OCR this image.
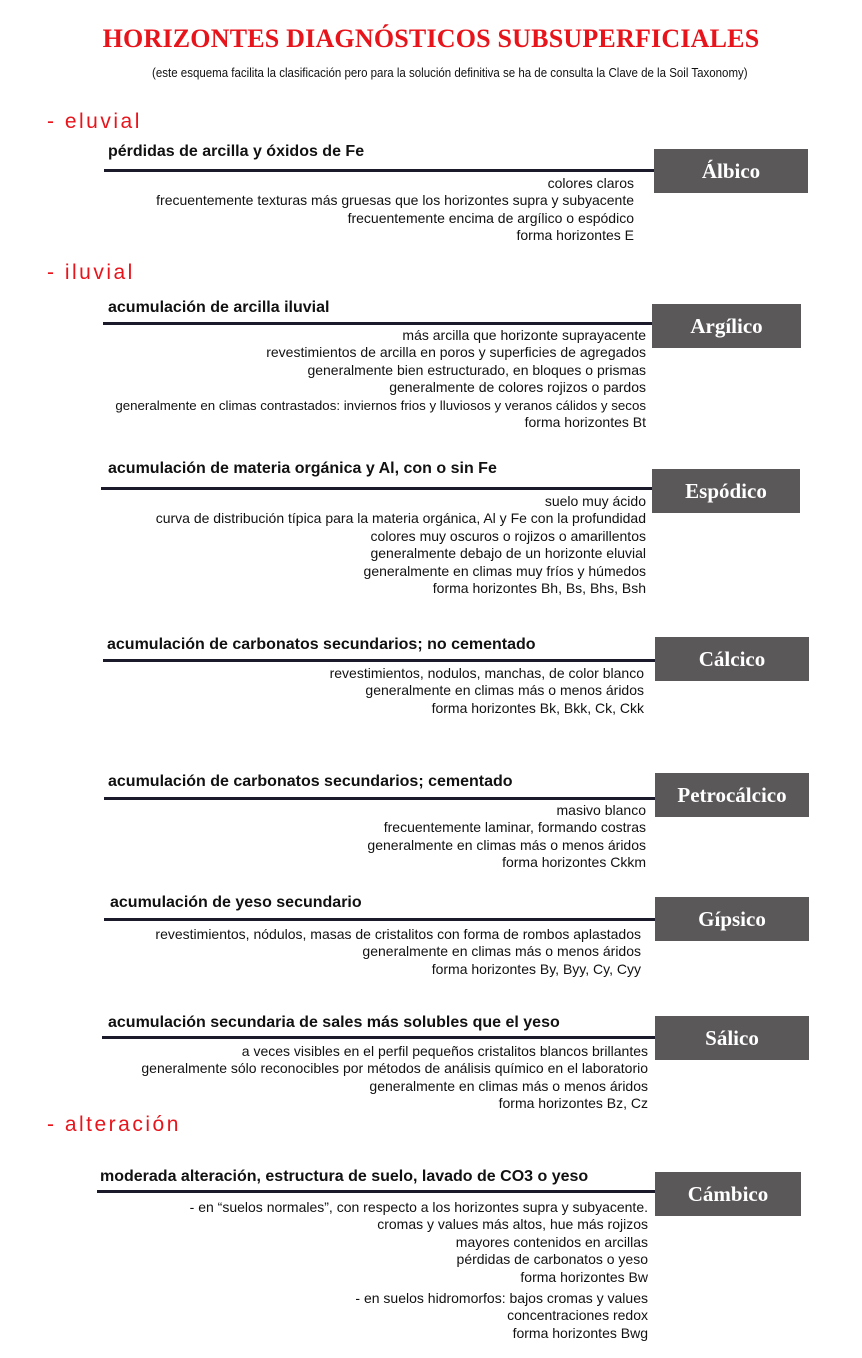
HORIZONTES DIAGNÓSTICOS SUBSUPERFICIALES
(este esquema facilita la clasificación pero para la solución definitiva se ha de consulta la Clave de la Soil Taxonomy)
- eluvial
- iluvial
- alteración
pérdidas de arcilla y óxidos de Fe
Álbico
colores claros
frecuentemente texturas más gruesas que los horizontes supra y subyacente
frecuentemente encima de argílico o espódico
forma horizontes E
acumulación de arcilla iluvial
Argílico
más arcilla que horizonte suprayacente
revestimientos de arcilla en poros y superficies de agregados
generalmente bien estructurado, en bloques o prismas
generalmente de colores rojizos o pardos
generalmente en climas contrastados: inviernos frios y lluviosos y veranos cálidos y secos
forma horizontes Bt
acumulación de materia orgánica y Al, con o sin Fe
Espódico
suelo muy ácido
curva de distribución típica para la materia orgánica, Al y Fe con la profundidad
colores muy oscuros o rojizos o amarillentos
generalmente debajo de un horizonte eluvial
generalmente en climas muy fríos y húmedos
forma horizontes Bh, Bs, Bhs, Bsh
acumulación de carbonatos secundarios; no cementado
Cálcico
revestimientos, nodulos, manchas, de color blanco
generalmente en climas más o menos áridos
forma horizontes Bk, Bkk, Ck, Ckk
acumulación de carbonatos secundarios; cementado
Petrocálcico
masivo blanco
frecuentemente laminar, formando costras
generalmente en climas más o menos áridos
forma horizontes Ckkm
acumulación de yeso secundario
Gípsico
revestimientos, nódulos, masas de cristalitos con forma de rombos aplastados
generalmente en climas más o menos áridos
forma horizontes By, Byy, Cy, Cyy
acumulación secundaria de sales más solubles que el yeso
Sálico
a veces visibles en el perfil pequeños cristalitos blancos brillantes
generalmente sólo reconocibles por métodos de análisis químico en el laboratorio
generalmente en climas más o menos áridos
forma horizontes Bz, Cz
moderada alteración, estructura de suelo, lavado de CO3 o yeso
Cámbico
- en “suelos normales”, con respecto a los horizontes supra y subyacente.
cromas y values más altos, hue más rojizos
mayores contenidos en arcillas
pérdidas de carbonatos o yeso
forma horizontes Bw
- en suelos hidromorfos: bajos cromas y values
concentraciones redox
forma horizontes Bwg
